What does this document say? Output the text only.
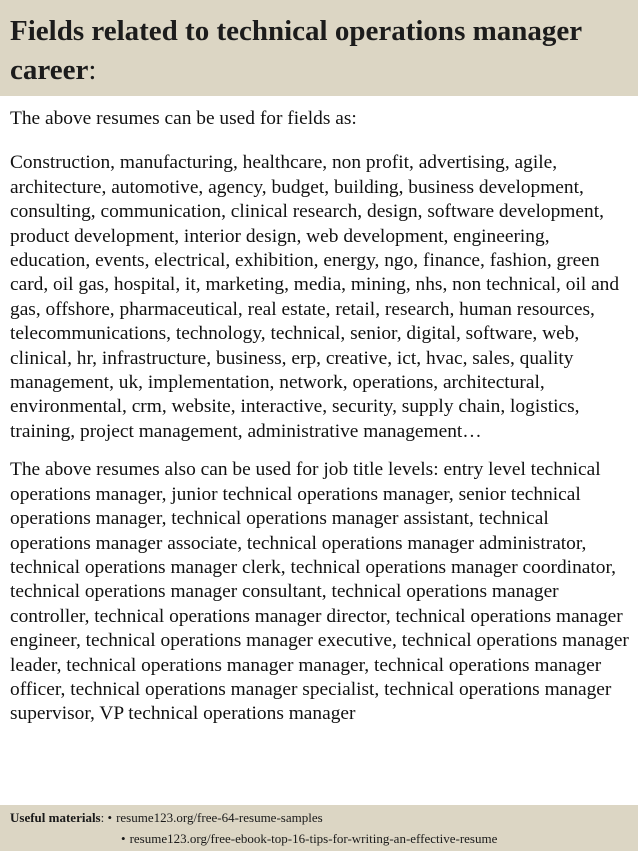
Fields related to technical operations manager career:

The above resumes can be used for fields as:

Construction, manufacturing, healthcare, non profit, advertising, agile, architecture, automotive, agency, budget, building, business development, consulting, communication, clinical research, design, software development, product development, interior design, web development, engineering, education, events, electrical, exhibition, energy, ngo, finance, fashion, green card, oil gas, hospital, it, marketing, media, mining, nhs, non technical, oil and gas, offshore, pharmaceutical, real estate, retail, research, human resources, telecommunications, technology, technical, senior, digital, software, web, clinical, hr, infrastructure, business, erp, creative, ict, hvac, sales, quality management, uk, implementation, network, operations, architectural, environmental, crm, website, interactive, security, supply chain, logistics, training, project management, administrative management…

The above resumes also can be used for job title levels: entry level technical operations manager, junior technical operations manager, senior technical operations manager, technical operations manager assistant, technical operations manager associate, technical operations manager administrator, technical operations manager clerk, technical operations manager coordinator, technical operations manager consultant, technical operations manager controller, technical operations manager director, technical operations manager engineer, technical operations manager executive, technical operations manager leader, technical operations manager manager, technical operations manager officer, technical operations manager specialist, technical operations manager supervisor, VP technical operations manager

Useful materials: • resume123.org/free-64-resume-samples
• resume123.org/free-ebook-top-16-tips-for-writing-an-effective-resume
